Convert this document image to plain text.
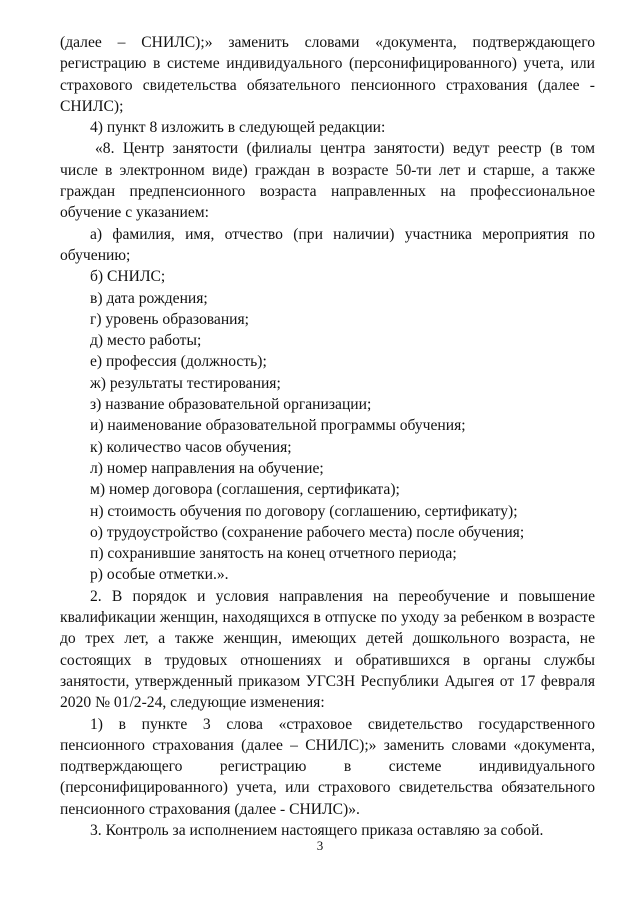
(далее – СНИЛС);» заменить словами «документа, подтверждающего регистрацию в системе индивидуального (персонифицированного) учета, или страхового свидетельства обязательного пенсионного страхования (далее - СНИЛС);

4) пункт 8 изложить в следующей редакции:

«8. Центр занятости (филиалы центра занятости) ведут реестр (в том числе в электронном виде) граждан в возрасте 50-ти лет и старше, а также граждан предпенсионного возраста направленных на профессиональное обучение с указанием:

а) фамилия, имя, отчество (при наличии) участника мероприятия по обучению;

б) СНИЛС;

в) дата рождения;

г) уровень образования;

д) место работы;

е) профессия (должность);

ж) результаты тестирования;

з) название образовательной организации;

и) наименование образовательной программы обучения;

к) количество часов обучения;

л) номер направления на обучение;

м) номер договора (соглашения, сертификата);

н) стоимость обучения по договору (соглашению, сертификату);

о) трудоустройство (сохранение рабочего места) после обучения;

п) сохранившие занятость на конец отчетного периода;

р) особые отметки.».

2. В порядок и условия направления на переобучение и повышение квалификации женщин, находящихся в отпуске по уходу за ребенком в возрасте до трех лет, а также женщин, имеющих детей дошкольного возраста, не состоящих в трудовых отношениях и обратившихся в органы службы занятости, утвержденный приказом УГСЗН Республики Адыгея от 17 февраля 2020 № 01/2-24, следующие изменения:

1) в пункте 3 слова «страховое свидетельство государственного пенсионного страхования (далее – СНИЛС);» заменить словами «документа, подтверждающего регистрацию в системе индивидуального (персонифицированного) учета, или страхового свидетельства обязательного пенсионного страхования (далее - СНИЛС)».

3. Контроль за исполнением настоящего приказа оставляю за собой.

3
